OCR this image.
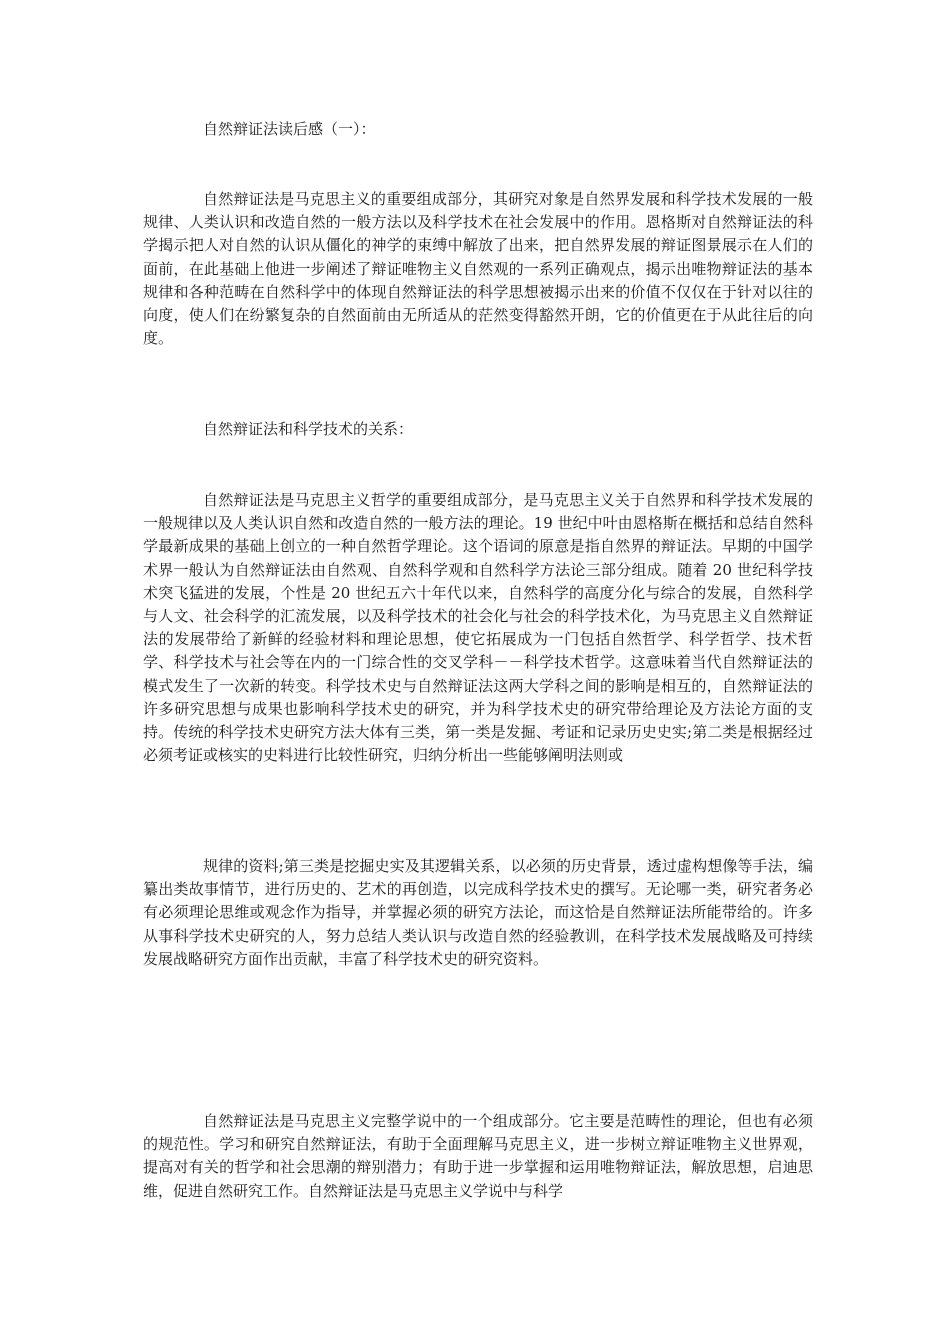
自然辩证法读后感（一）：

自然辩证法是马克思主义的重要组成部分，其研究对象是自然界发展和科学技术发展的一般规律、人类认识和改造自然的一般方法以及科学技术在社会发展中的作用。恩格斯对自然辩证法的科学揭示把人对自然的认识从僵化的神学的束缚中解放了出来，把自然界发展的辩证图景展示在人们的面前，在此基础上他进一步阐述了辩证唯物主义自然观的一系列正确观点，揭示出唯物辩证法的基本规律和各种范畴在自然科学中的体现自然辩证法的科学思想被揭示出来的价值不仅仅在于针对以往的向度，使人们在纷繁复杂的自然面前由无所适从的茫然变得豁然开朗，它的价值更在于从此往后的向度。

自然辩证法和科学技术的关系：

自然辩证法是马克思主义哲学的重要组成部分，是马克思主义关于自然界和科学技术发展的一般规律以及人类认识自然和改造自然的一般方法的理论。19 世纪中叶由恩格斯在概括和总结自然科学最新成果的基础上创立的一种自然哲学理论。这个语词的原意是指自然界的辩证法。早期的中国学术界一般认为自然辩证法由自然观、自然科学观和自然科学方法论三部分组成。随着 20 世纪科学技术突飞猛进的发展，个性是 20 世纪五六十年代以来，自然科学的高度分化与综合的发展，自然科学与人文、社会科学的汇流发展，以及科学技术的社会化与社会的科学技术化，为马克思主义自然辩证法的发展带给了新鲜的经验材料和理论思想，使它拓展成为一门包括自然哲学、科学哲学、技术哲学、科学技术与社会等在内的一门综合性的交叉学科－－科学技术哲学。这意味着当代自然辩证法的模式发生了一次新的转变。科学技术史与自然辩证法这两大学科之间的影响是相互的，自然辩证法的许多研究思想与成果也影响科学技术史的研究，并为科学技术史的研究带给理论及方法论方面的支持。传统的科学技术史研究方法大体有三类，第一类是发掘、考证和记录历史史实;第二类是根据经过必须考证或核实的史料进行比较性研究，归纳分析出一些能够阐明法则或

规律的资料;第三类是挖掘史实及其逻辑关系，以必须的历史背景，透过虚构想像等手法，编纂出类故事情节，进行历史的、艺术的再创造，以完成科学技术史的撰写。无论哪一类，研究者务必有必须理论思维或观念作为指导，并掌握必须的研究方法论，而这恰是自然辩证法所能带给的。许多从事科学技术史研究的人，努力总结人类认识与改造自然的经验教训，在科学技术发展战略及可持续发展战略研究方面作出贡献，丰富了科学技术史的研究资料。

自然辩证法是马克思主义完整学说中的一个组成部分。它主要是范畴性的理论，但也有必须的规范性。学习和研究自然辩证法，有助于全面理解马克思主义，进一步树立辩证唯物主义世界观，提高对有关的哲学和社会思潮的辩别潜力；有助于进一步掌握和运用唯物辩证法，解放思想，启迪思维，促进自然研究工作。自然辩证法是马克思主义学说中与科学
